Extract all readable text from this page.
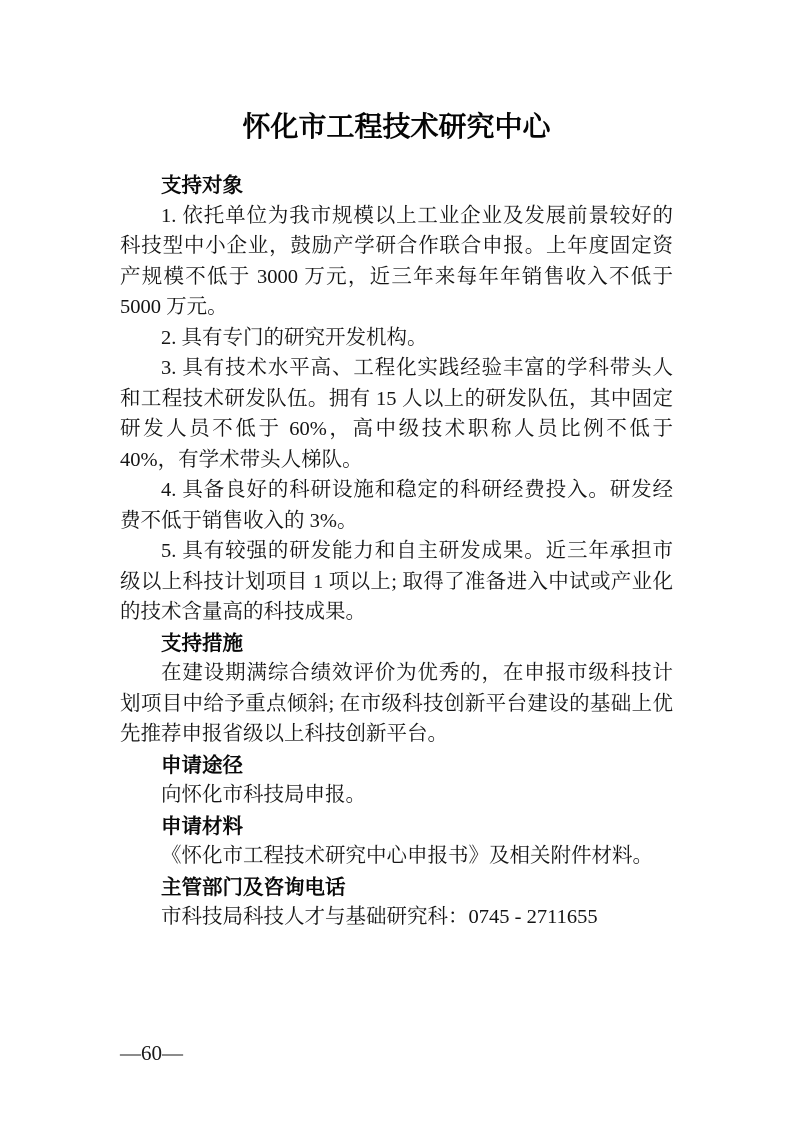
怀化市工程技术研究中心
支持对象

1. 依托单位为我市规模以上工业企业及发展前景较好的科技型中小企业，鼓励产学研合作联合申报。上年度固定资产规模不低于 3000 万元，近三年来每年年销售收入不低于 5000 万元。

2. 具有专门的研究开发机构。

3. 具有技术水平高、工程化实践经验丰富的学科带头人和工程技术研发队伍。拥有 15 人以上的研发队伍，其中固定研发人员不低于 60%，高中级技术职称人员比例不低于 40%，有学术带头人梯队。

4. 具备良好的科研设施和稳定的科研经费投入。研发经费不低于销售收入的 3%。

5. 具有较强的研发能力和自主研发成果。近三年承担市级以上科技计划项目 1 项以上; 取得了准备进入中试或产业化的技术含量高的科技成果。

支持措施

在建设期满综合绩效评价为优秀的，在申报市级科技计划项目中给予重点倾斜; 在市级科技创新平台建设的基础上优先推荐申报省级以上科技创新平台。

申请途径

向怀化市科技局申报。

申请材料

《怀化市工程技术研究中心申报书》及相关附件材料。

主管部门及咨询电话

市科技局科技人才与基础研究科：0745 - 2711655

—60—
